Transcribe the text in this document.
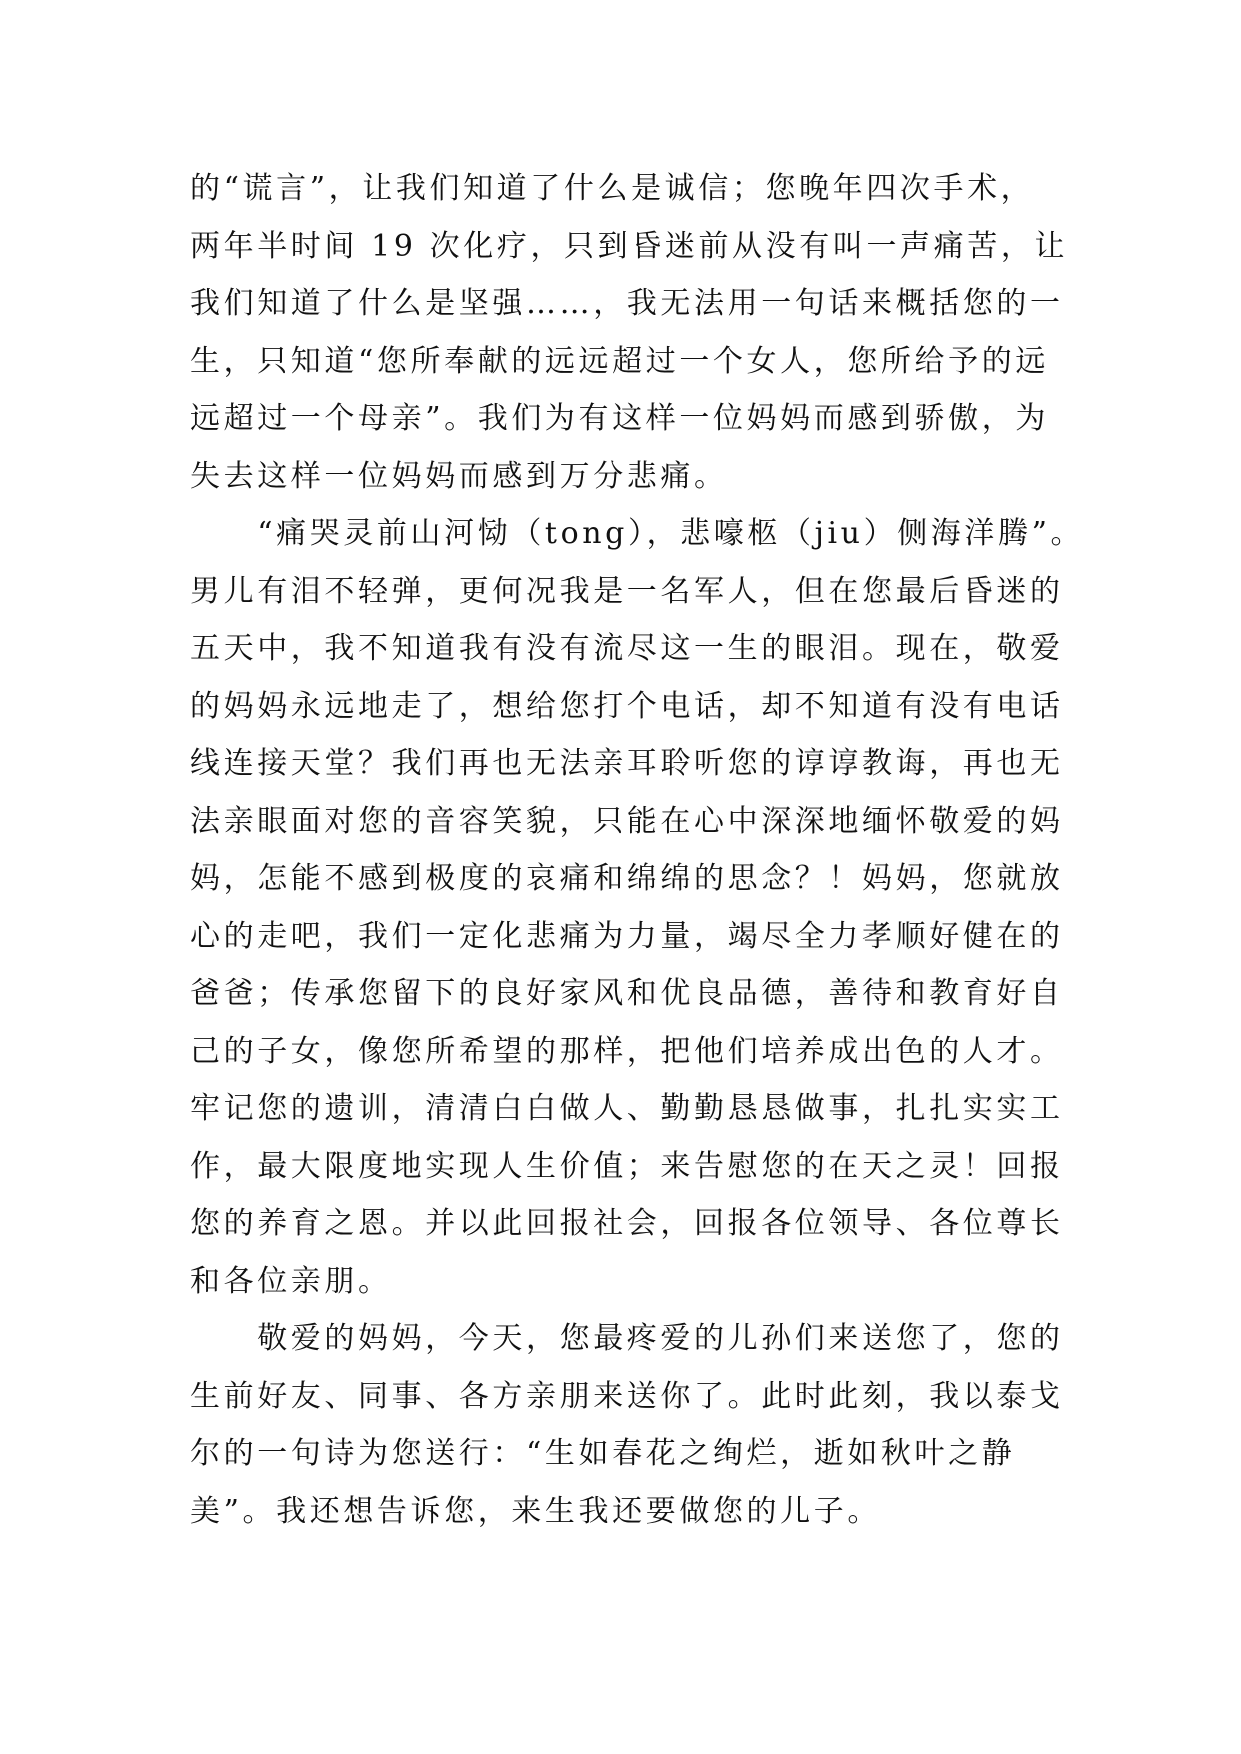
的“谎言”，让我们知道了什么是诚信；您晚年四次手术，
两年半时间 19 次化疗，只到昏迷前从没有叫一声痛苦，让
我们知道了什么是坚强……，我无法用一句话来概括您的一
生，只知道“您所奉献的远远超过一个女人，您所给予的远
远超过一个母亲”。我们为有这样一位妈妈而感到骄傲，为
失去这样一位妈妈而感到万分悲痛。
　　“痛哭灵前山河恸（tong），悲嚎柩（jiu）侧海洋腾”。
男儿有泪不轻弹，更何况我是一名军人，但在您最后昏迷的
五天中，我不知道我有没有流尽这一生的眼泪。现在，敬爱
的妈妈永远地走了，想给您打个电话，却不知道有没有电话
线连接天堂？我们再也无法亲耳聆听您的谆谆教诲，再也无
法亲眼面对您的音容笑貌，只能在心中深深地缅怀敬爱的妈
妈，怎能不感到极度的哀痛和绵绵的思念？！妈妈，您就放
心的走吧，我们一定化悲痛为力量，竭尽全力孝顺好健在的
爸爸；传承您留下的良好家风和优良品德，善待和教育好自
己的子女，像您所希望的那样，把他们培养成出色的人才。
牢记您的遗训，清清白白做人、勤勤恳恳做事，扎扎实实工
作，最大限度地实现人生价值；来告慰您的在天之灵！回报
您的养育之恩。并以此回报社会，回报各位领导、各位尊长
和各位亲朋。
　　敬爱的妈妈，今天，您最疼爱的儿孙们来送您了，您的
生前好友、同事、各方亲朋来送你了。此时此刻，我以泰戈
尔的一句诗为您送行：“生如春花之绚烂，逝如秋叶之静
美”。我还想告诉您，来生我还要做您的儿子。
